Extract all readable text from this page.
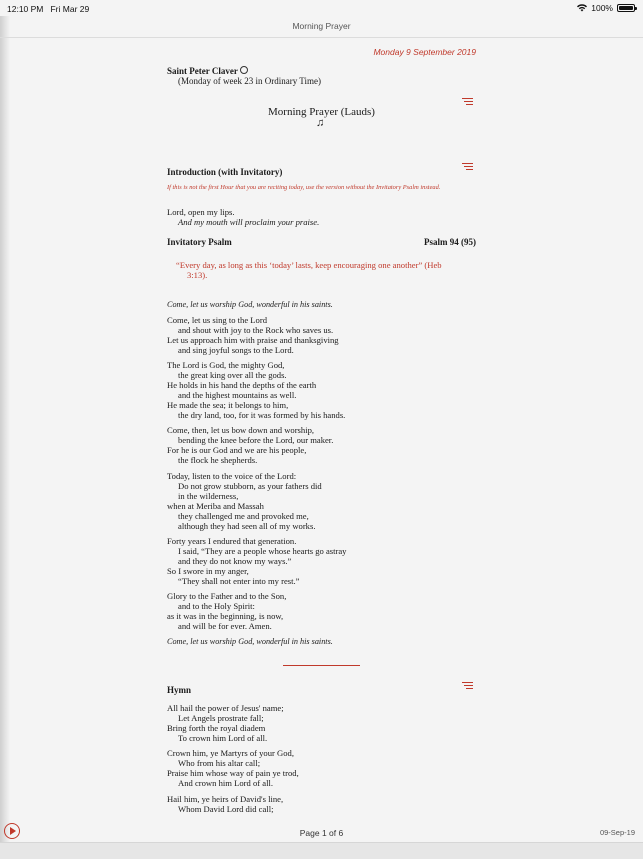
12:10 PM Fri Mar 29	100%
Morning Prayer
Monday 9 September 2019
Saint Peter Claver
(Monday of week 23 in Ordinary Time)
Morning Prayer (Lauds)
♫
Introduction (with Invitatory)
If this is not the first Hour that you are reciting today, use the version without the Invitatory Psalm instead.
Lord, open my lips.
And my mouth will proclaim your praise.
Invitatory Psalm	Psalm 94 (95)
“Every day, as long as this ‘today’ lasts, keep encouraging one another” (Heb
3:13).
Come, let us worship God, wonderful in his saints.
Come, let us sing to the Lord
and shout with joy to the Rock who saves us.
Let us approach him with praise and thanksgiving
and sing joyful songs to the Lord.
The Lord is God, the mighty God,
the great king over all the gods.
He holds in his hand the depths of the earth
and the highest mountains as well.
He made the sea; it belongs to him,
the dry land, too, for it was formed by his hands.
Come, then, let us bow down and worship,
bending the knee before the Lord, our maker.
For he is our God and we are his people,
the flock he shepherds.
Today, listen to the voice of the Lord:
Do not grow stubborn, as your fathers did
in the wilderness,
when at Meriba and Massah
they challenged me and provoked me,
although they had seen all of my works.
Forty years I endured that generation.
I said, “They are a people whose hearts go astray
and they do not know my ways.”
So I swore in my anger,
“They shall not enter into my rest.”
Glory to the Father and to the Son,
and to the Holy Spirit:
as it was in the beginning, is now,
and will be for ever. Amen.
Come, let us worship God, wonderful in his saints.
Hymn
All hail the power of Jesus' name;
Let Angels prostrate fall;
Bring forth the royal diadem
To crown him Lord of all.
Crown him, ye Martyrs of your God,
Who from his altar call;
Praise him whose way of pain ye trod,
And crown him Lord of all.
Hail him, ye heirs of David's line,
Whom David Lord did call;
Page 1 of 6	09-Sep-19
